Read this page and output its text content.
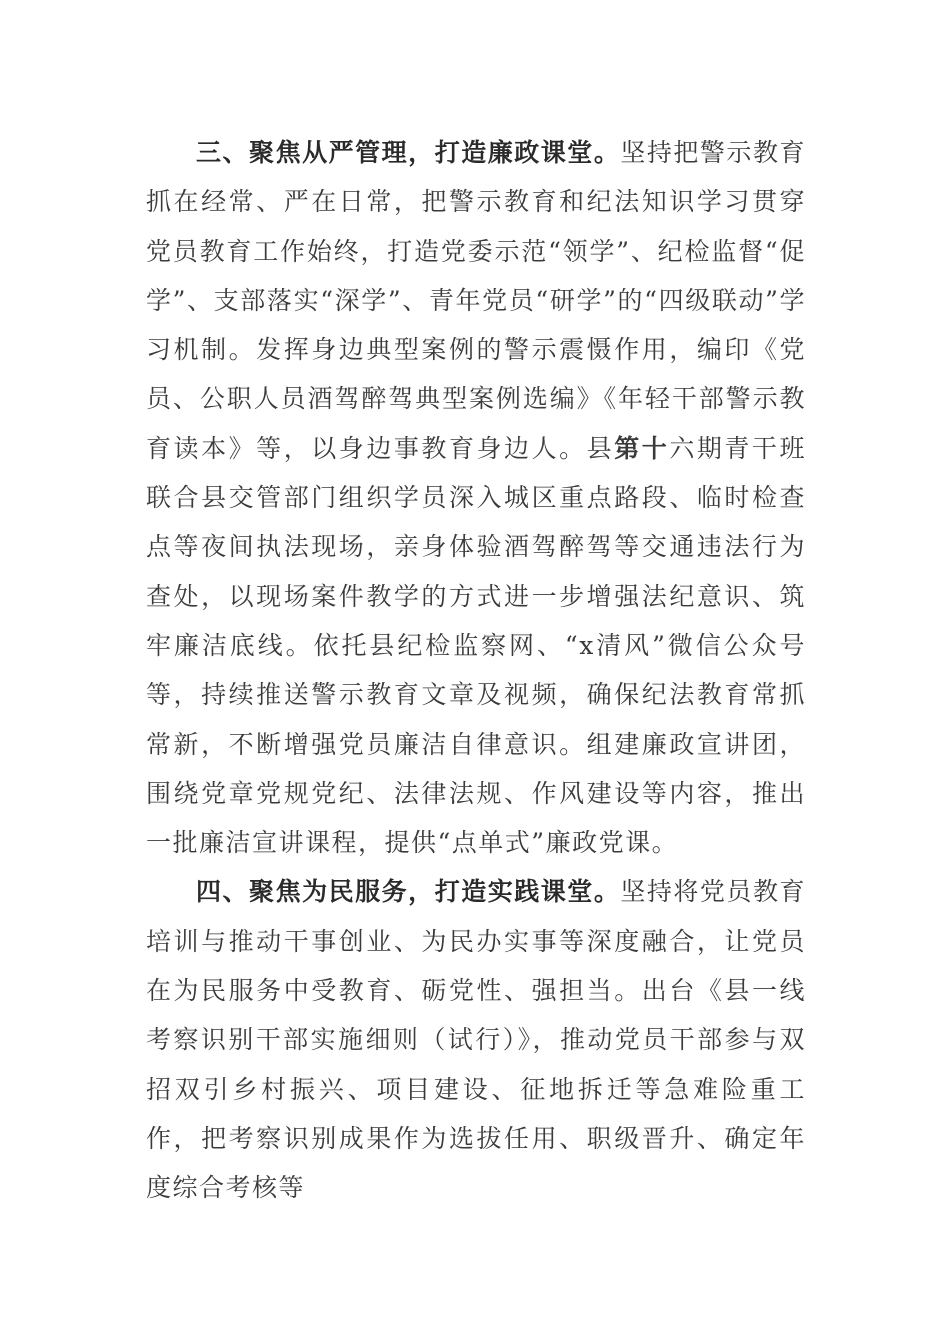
三、聚焦从严管理，打造廉政课堂。坚持把警示教育抓在经常、严在日常，把警示教育和纪法知识学习贯穿党员教育工作始终，打造党委示范“领学”、纪检监督“促学”、支部落实“深学”、青年党员“研学”的“四级联动”学习机制。发挥身边典型案例的警示震慑作用，编印《党员、公职人员酒驾醉驾典型案例选编》《年轻干部警示教育读本》等，以身边事教育身边人。县第十六期青干班联合县交管部门组织学员深入城区重点路段、临时检查点等夜间执法现场，亲身体验酒驾醉驾等交通违法行为查处，以现场案件教学的方式进一步增强法纪意识、筑牢廉洁底线。依托县纪检监察网、“x清风”微信公众号等，持续推送警示教育文章及视频，确保纪法教育常抓常新，不断增强党员廉洁自律意识。组建廉政宣讲团，围绕党章党规党纪、法律法规、作风建设等内容，推出一批廉洁宣讲课程，提供“点单式”廉政党课。

四、聚焦为民服务，打造实践课堂。坚持将党员教育培训与推动干事创业、为民办实事等深度融合，让党员在为民服务中受教育、砺党性、强担当。出台《县一线考察识别干部实施细则（试行）》，推动党员干部参与双招双引乡村振兴、项目建设、征地拆迁等急难险重工作，把考察识别成果作为选拔任用、职级晋升、确定年度综合考核等
